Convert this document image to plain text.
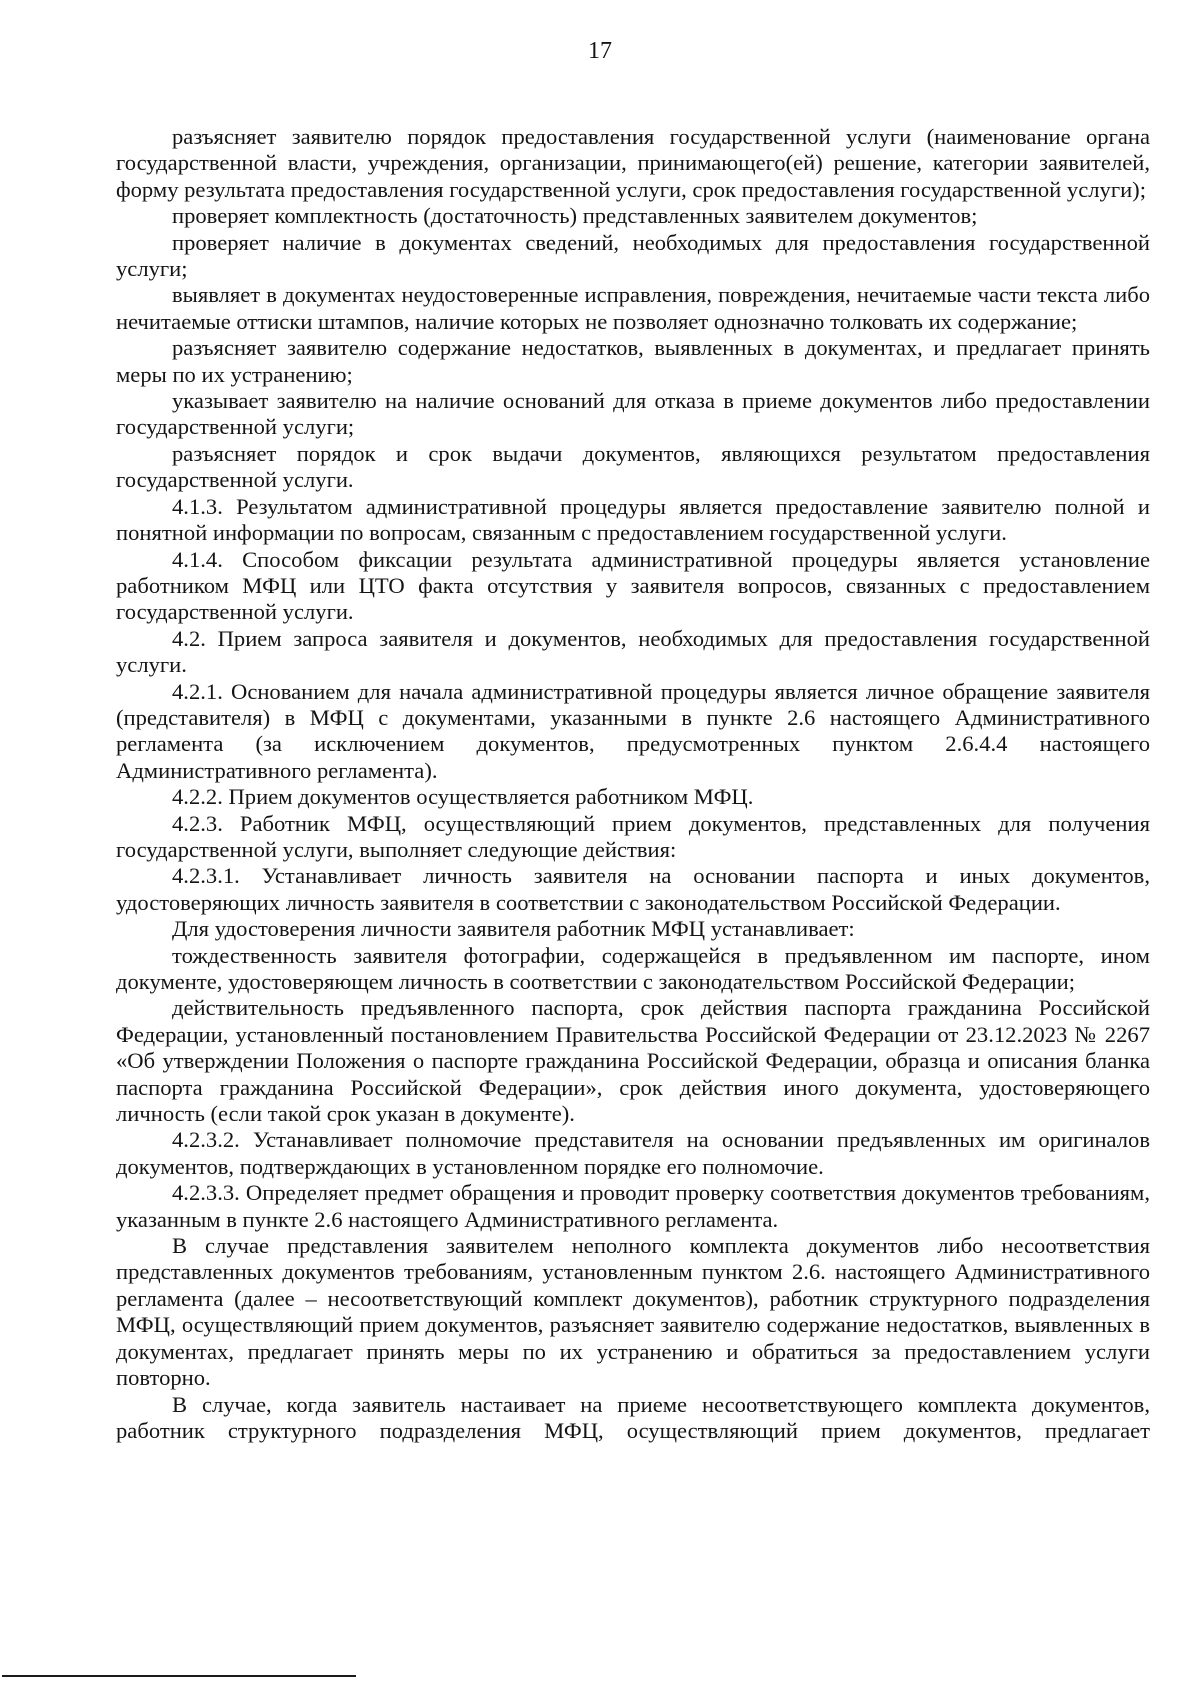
17

разъясняет заявителю порядок предоставления государственной услуги (наименование органа государственной власти, учреждения, организации, принимающего(ей) решение, категории заявителей, форму результата предоставления государственной услуги, срок предоставления государственной услуги);

проверяет комплектность (достаточность) представленных заявителем документов;

проверяет наличие в документах сведений, необходимых для предоставления государственной услуги;

выявляет в документах неудостоверенные исправления, повреждения, нечитаемые части текста либо нечитаемые оттиски штампов, наличие которых не позволяет однозначно толковать их содержание;

разъясняет заявителю содержание недостатков, выявленных в документах, и предлагает принять меры по их устранению;

указывает заявителю на наличие оснований для отказа в приеме документов либо предоставлении государственной услуги;

разъясняет порядок и срок выдачи документов, являющихся результатом предоставления государственной услуги.

4.1.3. Результатом административной процедуры является предоставление заявителю полной и понятной информации по вопросам, связанным с предоставлением государственной услуги.

4.1.4. Способом фиксации результата административной процедуры является установление работником МФЦ или ЦТО факта отсутствия у заявителя вопросов, связанных с предоставлением государственной услуги.

4.2. Прием запроса заявителя и документов, необходимых для предоставления государственной услуги.

4.2.1. Основанием для начала административной процедуры является личное обращение заявителя (представителя) в МФЦ с документами, указанными в пункте 2.6 настоящего Административного регламента (за исключением документов, предусмотренных пунктом 2.6.4.4 настоящего Административного регламента).

4.2.2. Прием документов осуществляется работником МФЦ.

4.2.3. Работник МФЦ, осуществляющий прием документов, представленных для получения государственной услуги, выполняет следующие действия:

4.2.3.1. Устанавливает личность заявителя на основании паспорта и иных документов, удостоверяющих личность заявителя в соответствии с законодательством Российской Федерации.

Для удостоверения личности заявителя работник МФЦ устанавливает:

тождественность заявителя фотографии, содержащейся в предъявленном им паспорте, ином документе, удостоверяющем личность в соответствии с законодательством Российской Федерации;

действительность предъявленного паспорта, срок действия паспорта гражданина Российской Федерации, установленный постановлением Правительства Российской Федерации от 23.12.2023 № 2267 «Об утверждении Положения о паспорте гражданина Российской Федерации, образца и описания бланка паспорта гражданина Российской Федерации», срок действия иного документа, удостоверяющего личность (если такой срок указан в документе).

4.2.3.2. Устанавливает полномочие представителя на основании предъявленных им оригиналов документов, подтверждающих в установленном порядке его полномочие.

4.2.3.3. Определяет предмет обращения и проводит проверку соответствия документов требованиям, указанным в пункте 2.6 настоящего Административного регламента.

В случае представления заявителем неполного комплекта документов либо несоответствия представленных документов требованиям, установленным пунктом 2.6. настоящего Административного регламента (далее – несоответствующий комплект документов), работник структурного подразделения МФЦ, осуществляющий прием документов, разъясняет заявителю содержание недостатков, выявленных в документах, предлагает принять меры по их устранению и обратиться за предоставлением услуги повторно.

В случае, когда заявитель настаивает на приеме несоответствующего комплекта документов, работник структурного подразделения МФЦ, осуществляющий прием документов, предлагает
